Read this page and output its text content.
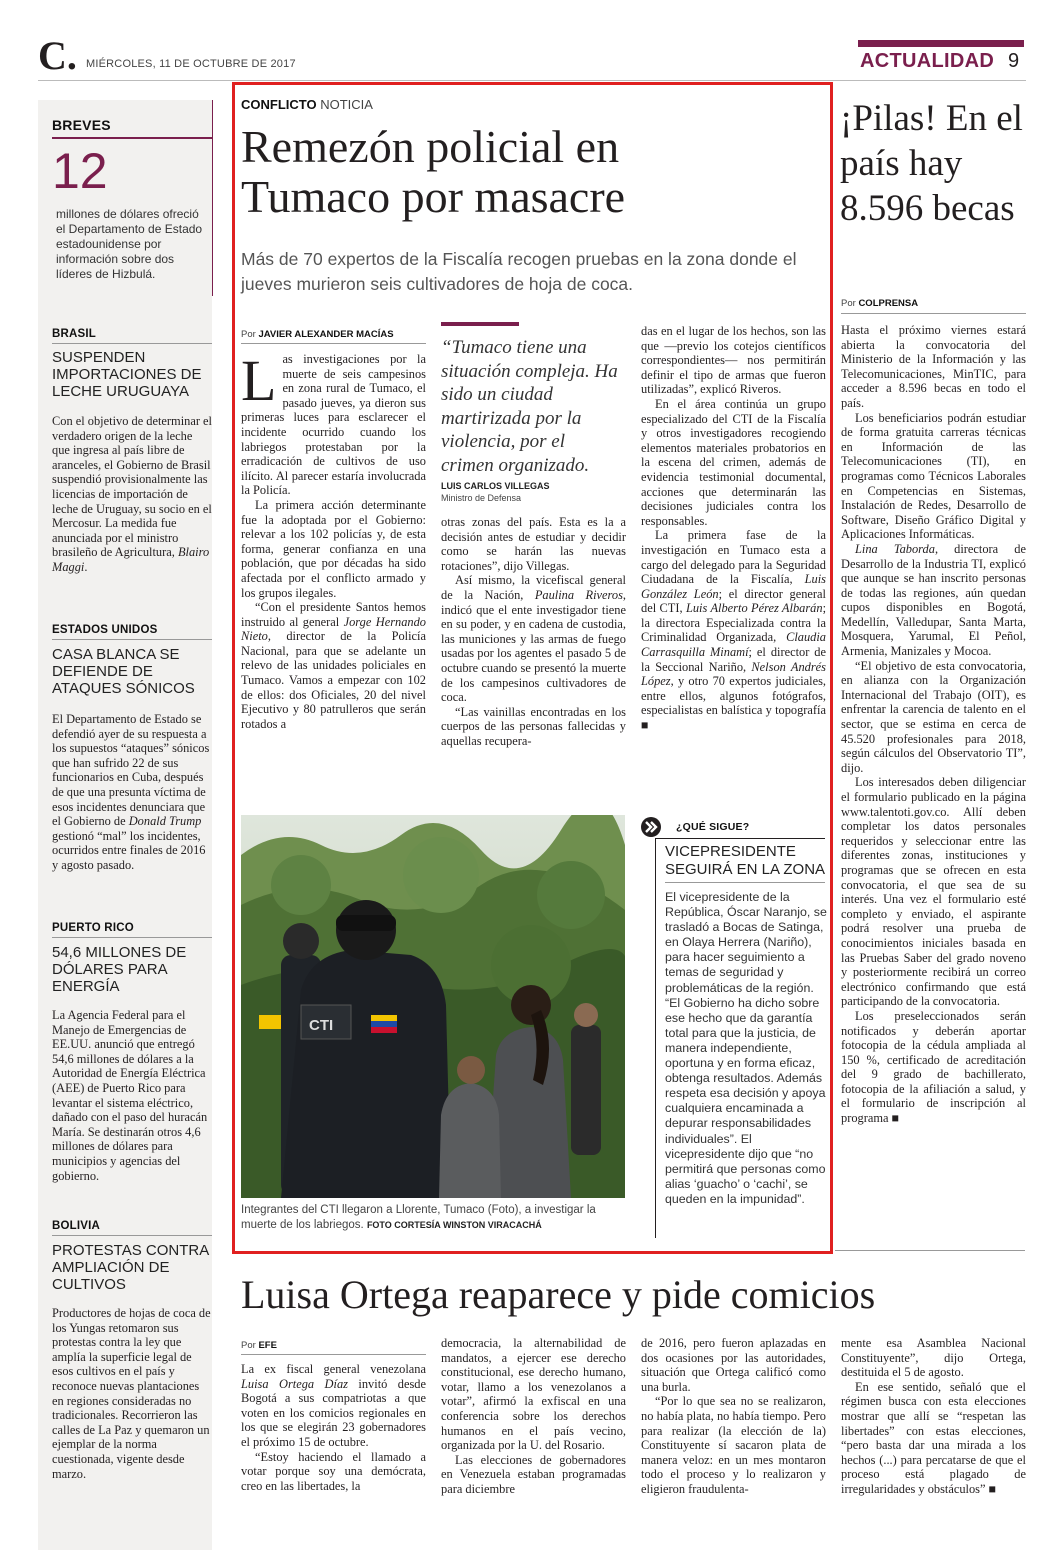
C. MIÉRCOLES, 11 DE OCTUBRE DE 2017	ACTUALIDAD 9
BREVES
12
millones de dólares ofreció el Departamento de Estado estadounidense por información sobre dos líderes de Hizbulá.
BRASIL
SUSPENDEN IMPORTACIONES DE LECHE URUGUAYA
Con el objetivo de determinar el verdadero origen de la leche que ingresa al país libre de aranceles, el Gobierno de Brasil suspendió provisionalmente las licencias de importación de leche de Uruguay, su socio en el Mercosur. La medida fue anunciada por el ministro brasileño de Agricultura, Blairo Maggi.
ESTADOS UNIDOS
CASA BLANCA SE DEFIENDE DE ATAQUES SÓNICOS
El Departamento de Estado se defendió ayer de su respuesta a los supuestos “ataques” sónicos que han sufrido 22 de sus funcionarios en Cuba, después de que una presunta víctima de esos incidentes denunciara que el Gobierno de Donald Trump gestionó “mal” los incidentes, ocurridos entre finales de 2016 y agosto pasado.
PUERTO RICO
54,6 MILLONES DE DÓLARES PARA ENERGÍA
La Agencia Federal para el Manejo de Emergencias de EE.UU. anunció que entregó 54,6 millones de dólares a la Autoridad de Energía Eléctrica (AEE) de Puerto Rico para levantar el sistema eléctrico, dañado con el paso del huracán María. Se destinarán otros 4,6 millones de dólares para municipios y agencias del gobierno.
BOLIVIA
PROTESTAS CONTRA AMPLIACIÓN DE CULTIVOS
Productores de hojas de coca de los Yungas retomaron sus protestas contra la ley que amplía la superficie legal de esos cultivos en el país y reconoce nuevas plantaciones en regiones consideradas no tradicionales. Recorrieron las calles de La Paz y quemaron un ejemplar de la norma cuestionada, vigente desde marzo.
CONFLICTO NOTICIA
Remezón policial en Tumaco por masacre
Más de 70 expertos de la Fiscalía recogen pruebas en la zona donde el jueves murieron seis cultivadores de hoja de coca.
Por JAVIER ALEXANDER MACÍAS

Las investigaciones por la muerte de seis campesinos en zona rural de Tumaco, el pasado jueves, ya dieron sus primeras luces para esclarecer el incidente ocurrido cuando los labriegos protestaban por la erradicación de cultivos de uso ilícito. Al parecer estaría involucrada la Policía.

La primera acción determinante fue la adoptada por el Gobierno: relevar a los 102 policías y, de esta forma, generar confianza en una población, que por décadas ha sido afectada por el conflicto armado y los grupos ilegales.

“Con el presidente Santos hemos instruido al general Jorge Hernando Nieto, director de la Policía Nacional, para que se adelante un relevo de las unidades policiales en Tumaco. Vamos a empezar con 102 de ellos: dos Oficiales, 20 del nivel Ejecutivo y 80 patrulleros que serán rotados a

“Tumaco tiene una situación compleja. Ha sido un ciudad martirizada por la violencia, por el crimen organizado.
LUIS CARLOS VILLEGAS
Ministro de Defensa

otras zonas del país. Esta es la a decisión antes de estudiar y decidir como se harán las nuevas rotaciones”, dijo Villegas.

Así mismo, la vicefiscal general de la Nación, Paulina Riveros, indicó que el ente investigador tiene en su poder, y en cadena de custodia, las municiones y las armas de fuego usadas por los agentes el pasado 5 de octubre cuando se presentó la muerte de los campesinos cultivadores de coca.

“Las vainillas encontradas en los cuerpos de las personas fallecidas y aquellas recupera-

das en el lugar de los hechos, son las que —previo los cotejos científicos correspondientes— nos permitirán definir el tipo de armas que fueron utilizadas”, explicó Riveros.

En el área continúa un grupo especializado del CTI de la Fiscalía y otros investigadores recogiendo elementos materiales probatorios en la escena del crimen, además de evidencia testimonial documental, acciones que determinarán las decisiones judiciales contra los responsables.

La primera fase de la investigación en Tumaco esta a cargo del delegado para la Seguridad Ciudadana de la Fiscalía, Luis González León; el director general del CTI, Luis Alberto Pérez Albarán; la directora Especializada contra la Criminalidad Organizada, Claudia Carrasquilla Minamí; el director de la Seccional Nariño, Nelson Andrés López, y otro 70 expertos judiciales, entre ellos, algunos fotógrafos, especialistas en balística y topografía ■

CTI
Integrantes del CTI llegaron a Llorente, Tumaco (Foto), a investigar la muerte de los labriegos. FOTO CORTESÍA WINSTON VIRACACHÁ
¿QUÉ SIGUE?
VICEPRESIDENTE SEGUIRÁ EN LA ZONA
El vicepresidente de la República, Óscar Naranjo, se trasladó a Bocas de Satinga, en Olaya Herrera (Nariño), para hacer seguimiento a temas de seguridad y problemáticas de la región. “El Gobierno ha dicho sobre ese hecho que da garantía total para que la justicia, de manera independiente, oportuna y en forma eficaz, obtenga resultados. Además respeta esa decisión y apoya cualquiera encaminada a depurar responsabilidades individuales”. El vicepresidente dijo que “no permitirá que personas como alias ‘guacho’ o ‘cachi’, se queden en la impunidad”.
¡Pilas! En el país hay 8.596 becas
Por COLPRENSA

Hasta el próximo viernes estará abierta la convocatoria del Ministerio de la Información y las Telecomunicaciones, MinTIC, para acceder a 8.596 becas en todo el país.

Los beneficiarios podrán estudiar de forma gratuita carreras técnicas en Información de las Telecomunicaciones (TI), en programas como Técnicos Laborales en Competencias en Sistemas, Instalación de Redes, Desarrollo de Software, Diseño Gráfico Digital y Aplicaciones Informáticas.

Lina Taborda, directora de Desarrollo de la Industria TI, explicó que aunque se han inscrito personas de todas las regiones, aún quedan cupos disponibles en Bogotá, Medellín, Valledupar, Santa Marta, Mosquera, Yarumal, El Peñol, Armenia, Manizales y Mocoa.

“El objetivo de esta convocatoria, en alianza con la Organización Internacional del Trabajo (OIT), es enfrentar la carencia de talento en el sector, que se estima en cerca de 45.520 profesionales para 2018, según cálculos del Observatorio TI”, dijo.

Los interesados deben diligenciar el formulario publicado en la página www.talentoti.gov.co. Allí deben completar los datos personales requeridos y seleccionar entre las diferentes zonas, instituciones y programas que se ofrecen en esta convocatoria, el que sea de su interés. Una vez el formulario esté completo y enviado, el aspirante podrá resolver una prueba de conocimientos iniciales basada en las Pruebas Saber del grado noveno y posteriormente recibirá un correo electrónico confirmando que está participando de la convocatoria.

Los preseleccionados serán notificados y deberán aportar fotocopia de la cédula ampliada al 150 %, certificado de acreditación del 9 grado de bachillerato, fotocopia de la afiliación a salud, y el formulario de inscripción al programa ■

Luisa Ortega reaparece y pide comicios
Por EFE

La ex fiscal general venezolana Luisa Ortega Díaz invitó desde Bogotá a sus compatriotas a que voten en los comicios regionales en los que se elegirán 23 gobernadores el próximo 15 de octubre.

“Estoy haciendo el llamado a votar porque soy una demócrata, creo en las libertades, la

democracia, la alternabilidad de mandatos, a ejercer ese derecho constitucional, ese derecho humano, votar, llamo a los venezolanos a votar”, afirmó la exfiscal en una conferencia sobre los derechos humanos en el país vecino, organizada por la U. del Rosario.

Las elecciones de gobernadores en Venezuela estaban programadas para diciembre

de 2016, pero fueron aplazadas en dos ocasiones por las autoridades, situación que Ortega calificó como una burla.

“Por lo que sea no se realizaron, no había plata, no había tiempo. Pero para realizar (la elección de la) Constituyente sí sacaron plata de manera veloz: en un mes montaron todo el proceso y lo realizaron y eligieron fraudulenta-

mente esa Asamblea Nacional Constituyente”, dijo Ortega, destituida el 5 de agosto.

En ese sentido, señaló que el régimen busca con esta elecciones mostrar que allí se “respetan las libertades” con estas elecciones, “pero basta dar una mirada a los hechos (...) para percatarse de que el proceso está plagado de irregularidades y obstáculos” ■
